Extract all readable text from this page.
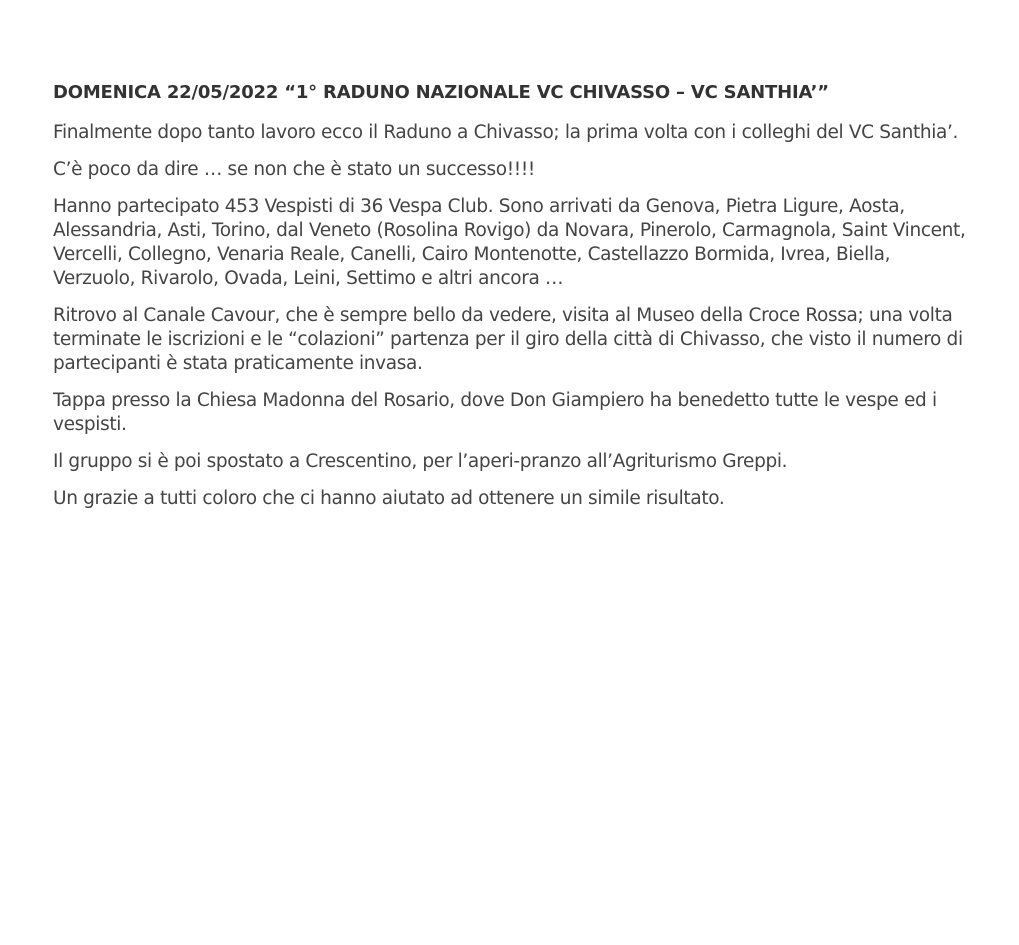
DOMENICA 22/05/2022 “1° RADUNO NAZIONALE VC CHIVASSO – VC SANTHIA’”

Finalmente dopo tanto lavoro ecco il Raduno a Chivasso; la prima volta con i colleghi del VC Santhia’.

C’è poco da dire … se non che è stato un successo!!!!

Hanno partecipato 453 Vespisti di 36 Vespa Club. Sono arrivati da Genova, Pietra Ligure, Aosta, Alessandria, Asti, Torino, dal Veneto (Rosolina Rovigo) da Novara, Pinerolo, Carmagnola, Saint Vincent, Vercelli, Collegno, Venaria Reale, Canelli, Cairo Montenotte, Castellazzo Bormida, Ivrea, Biella, Verzuolo, Rivarolo, Ovada, Leini, Settimo e altri ancora …

Ritrovo al Canale Cavour, che è sempre bello da vedere, visita al Museo della Croce Rossa; una volta terminate le iscrizioni e le “colazioni” partenza per il giro della città di Chivasso, che visto il numero di partecipanti è stata praticamente invasa.

Tappa presso la Chiesa Madonna del Rosario, dove Don Giampiero ha benedetto tutte le vespe ed i vespisti.

Il gruppo si è poi spostato a Crescentino, per l’aperi-pranzo all’Agriturismo Greppi.

Un grazie a tutti coloro che ci hanno aiutato ad ottenere un simile risultato.
